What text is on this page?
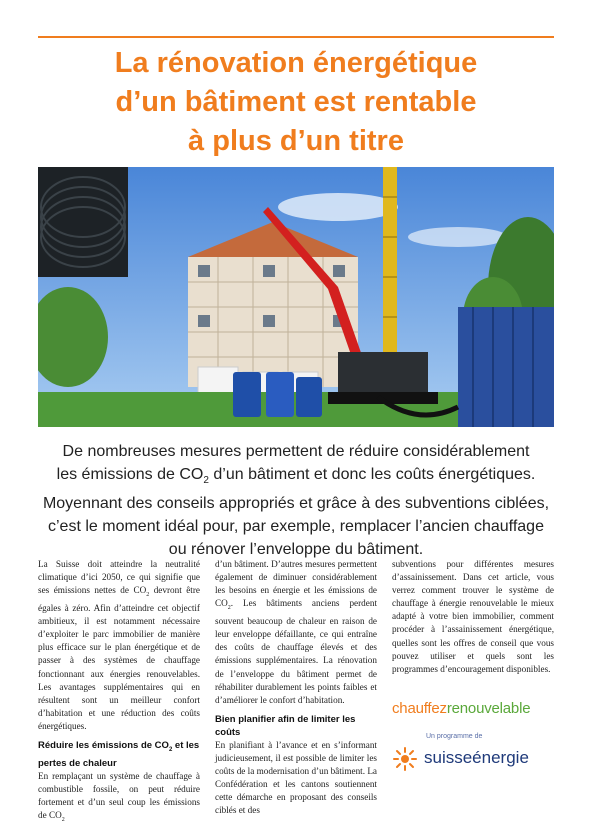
La rénovation énergétique
d’un bâtiment est rentable
à plus d’un titre
De nombreuses mesures permettent de réduire considérablement
les émissions de $CO_2$ d’un bâtiment et donc les coûts énergétiques.
Moyennant des conseils appropriés et grâce à des subventions ciblées,
c’est le moment idéal pour, par exemple, remplacer l’ancien chauffage
ou rénover l’enveloppe du bâtiment.

La Suisse doit atteindre la neutralité climatique d’ici 2050, ce qui signifie que ses émissions nettes de $CO_2$ devront être égales à zéro. Afin d’atteindre cet objectif ambitieux, il est notamment nécessaire d’exploiter le parc immobilier de manière plus efficace sur le plan énergétique et de passer à des systèmes de chauffage fonctionnant aux énergies renouvelables. Les avantages supplémentaires qui en résultent sont un meilleur confort d’habitation et une réduction des coûts énergétiques.

Réduire les émissions de $CO_2$ et les pertes de chaleur

En remplaçant un système de chauffage à combustible fossile, on peut réduire fortement et d’un seul coup les émissions de $CO_2$

d’un bâtiment. D’autres mesures permettent également de diminuer considérablement les besoins en énergie et les émissions de $CO_2$. Les bâtiments anciens perdent souvent beaucoup de chaleur en raison de leur enveloppe défaillante, ce qui entraîne des coûts de chauffage élevés et des émissions supplémentaires. La rénovation de l’enveloppe du bâtiment permet de réhabiliter durablement les points faibles et d’améliorer le confort d’habitation.

Bien planifier afin de limiter les coûts

En planifiant à l’avance et en s’informant judicieusement, il est possible de limiter les coûts de la modernisation d’un bâtiment. La Confédération et les cantons soutiennent cette démarche en proposant des conseils ciblés et des

subventions pour différentes mesures d’assainissement. Dans cet article, vous verrez comment trouver le système de chauffage à énergie renouvelable le mieux adapté à votre bien immobilier, comment procéder à l’assainissement énergétique, quelles sont les offres de conseil que vous pouvez utiliser et quels sont les programmes d’encouragement disponibles.

chauffezrenouvelable
Un programme de
suisseénergie
